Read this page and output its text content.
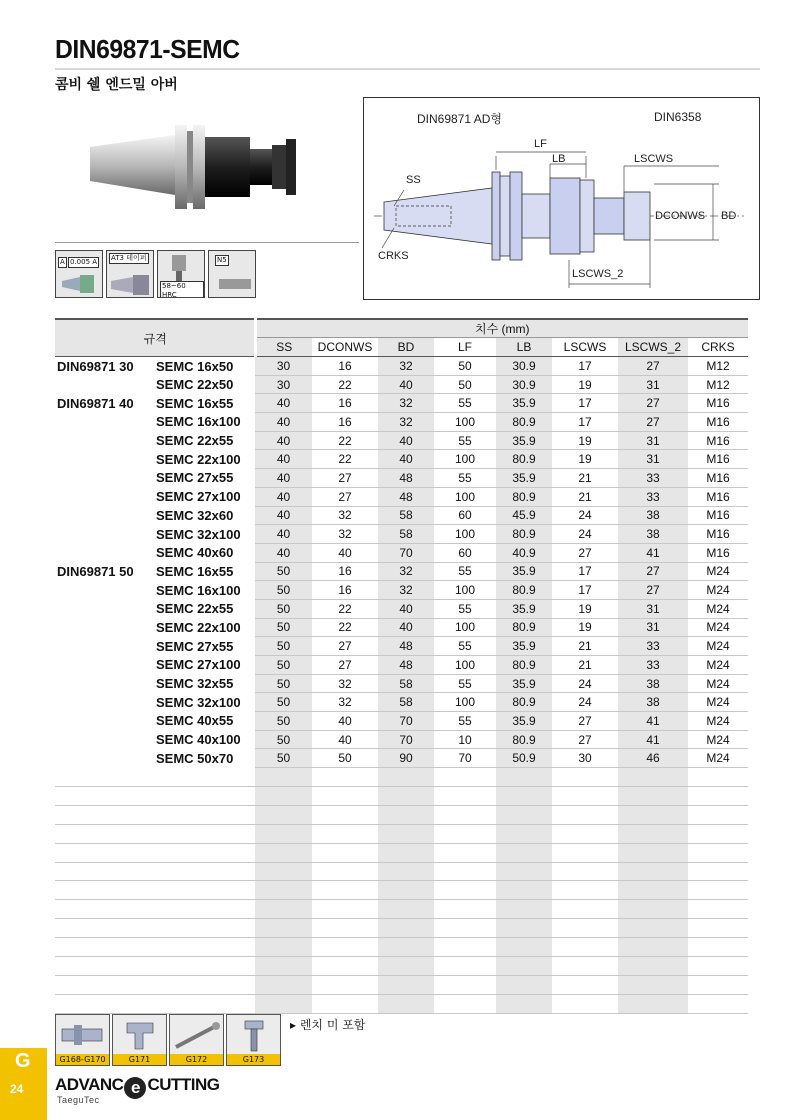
DIN69871-SEMC
콤비 쉘 엔드밀 아버
A 0.005 A AT3 테이퍼
58~60 HRC
N5
DIN69871 AD형	DIN6358
LF
LB	LSCWS
SS
DCONWS BD
CRKS
LSCWS_2
규격	치수 (mm)							
	SS	DCONWS	BD	LF	LB	LSCWS	LSCWS_2	CRKS
DIN69871 30 SEMC 16x50	30	16	32	50	30.9	17	27	M12
SEMC 22x50	30	22	40	50	30.9	19	31	M12
DIN69871 40 SEMC 16x55	40	16	32	55	35.9	17	27	M16
SEMC 16x100	40	16	32	100	80.9	17	27	M16
SEMC 22x55	40	22	40	55	35.9	19	31	M16
SEMC 22x100	40	22	40	100	80.9	19	31	M16
SEMC 27x55	40	27	48	55	35.9	21	33	M16
SEMC 27x100	40	27	48	100	80.9	21	33	M16
SEMC 32x60	40	32	58	60	45.9	24	38	M16
SEMC 32x100	40	32	58	100	80.9	24	38	M16
SEMC 40x60	40	40	70	60	40.9	27	41	M16
DIN69871 50 SEMC 16x55	50	16	32	55	35.9	17	27	M24
SEMC 16x100	50	16	32	100	80.9	17	27	M24
SEMC 22x55	50	22	40	55	35.9	19	31	M24
SEMC 22x100	50	22	40	100	80.9	19	31	M24
SEMC 27x55	50	27	48	55	35.9	21	33	M24
SEMC 27x100	50	27	48	100	80.9	21	33	M24
SEMC 32x55	50	32	58	55	35.9	24	38	M24
SEMC 32x100	50	32	58	100	80.9	24	38	M24
SEMC 40x55	50	40	70	55	35.9	27	41	M24
SEMC 40x100	50	40	70	10	80.9	27	41	M24
SEMC 50x70	50	50	90	70	50.9	30	46	M24

G168-G170	G171	G172	G173
▸ 렌치 미 포함
G
24 ADVANC e CUTTING
TaeguTec
